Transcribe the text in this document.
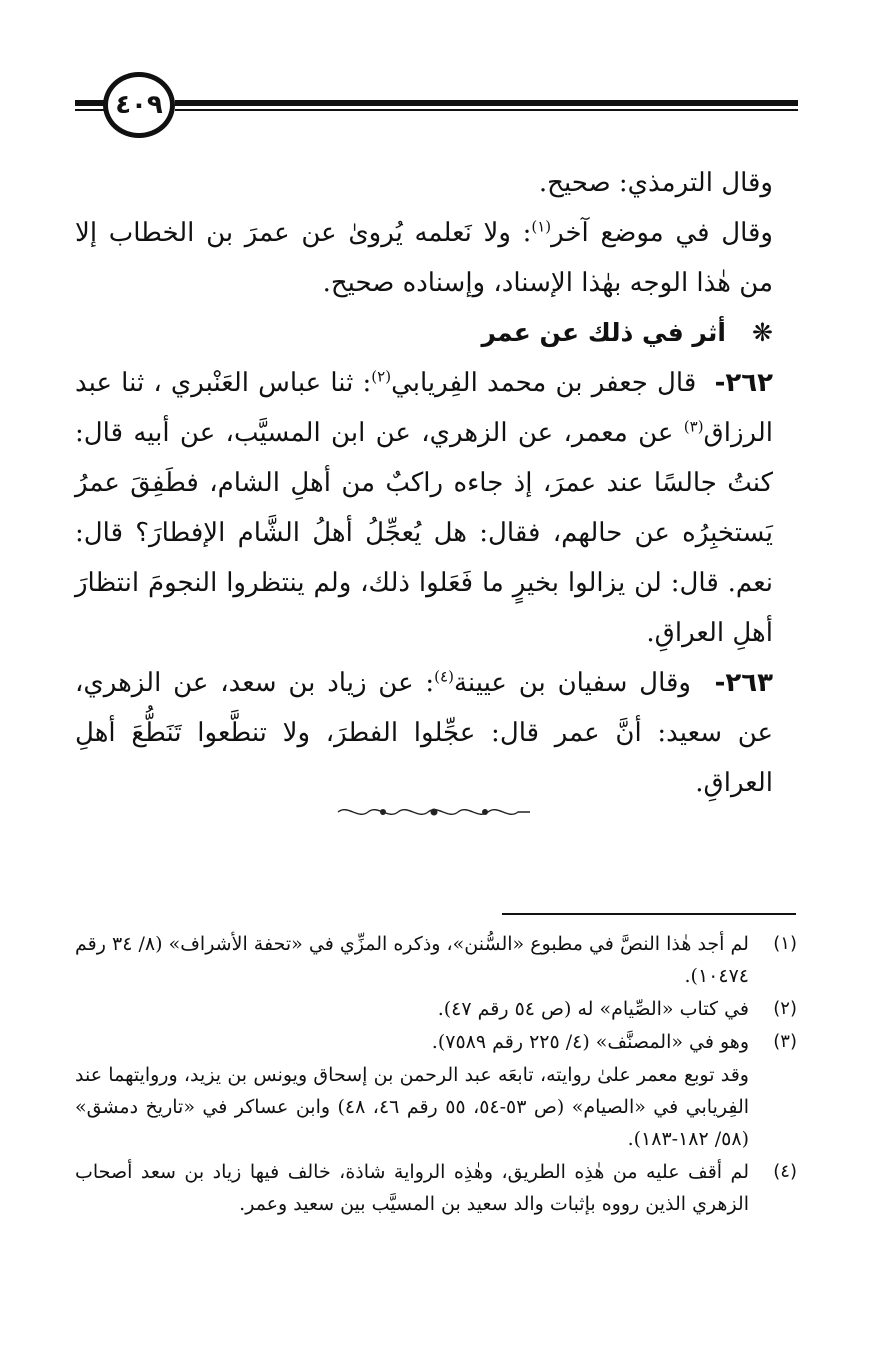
٤٠٩

وقال الترمذي: صحيح.

وقال في موضع آخر$^{(١)}$: ولا نَعلمه يُروىٰ عن عمرَ بن الخطاب إلا من هٰذا الوجه بهٰذا الإسناد، وإسناده صحيح.

❋   أثر في ذلك عن عمر

٢٦٢-  قال جعفر بن محمد الفِريابي$^{(٢)}$: ثنا عباس العَنْبري ، ثنا عبد الرزاق$^{(٣)}$ عن معمر، عن الزهري، عن ابن المسيَّب، عن أبيه قال: كنتُ جالسًا عند عمرَ، إذ جاءه راكبٌ من أهلِ الشام، فطَفِقَ عمرُ يَستخبِرُه عن حالهم، فقال: هل يُعجِّلُ أهلُ الشَّام الإفطارَ؟ قال: نعم. قال: لن يزالوا بخيرٍ ما فَعَلوا ذلك، ولم ينتظروا النجومَ انتظارَ أهلِ العراقِ.

٢٦٣-  وقال سفيان بن عيينة$^{(٤)}$: عن زياد بن سعد، عن الزهري، عن سعيد: أنَّ عمر قال: عجِّلوا الفطرَ، ولا تنطَّعوا تَنَطُّعَ أهلِ العراقِ.

(١)
لم أجد هٰذا النصَّ في مطبوع «السُّنن»، وذكره المزِّي في «تحفة الأشراف» (٨/ ٣٤ رقم ١٠٤٧٤).
(٢)
في كتاب «الصِّيام» له (ص ٥٤ رقم ٤٧).
(٣)
وهو في «المصنَّف» (٤/ ٢٢٥ رقم ٧٥٨٩).
وقد توبع معمر علىٰ روايته، تابعَه عبد الرحمن بن إسحاق ويونس بن يزيد، وروايتهما عند الفِريابي في «الصيام» (ص ٥٣-٥٤، ٥٥ رقم ٤٦، ٤٨) وابن عساكر في «تاريخ دمشق» (٥٨/ ١٨٢-١٨٣).
(٤)
لم أقف عليه من هٰذِه الطريق، وهٰذِه الرواية شاذة، خالف فيها زياد بن سعد أصحاب الزهري الذين رووه بإثبات والد سعيد بن المسيَّب بين سعيد وعمر.
